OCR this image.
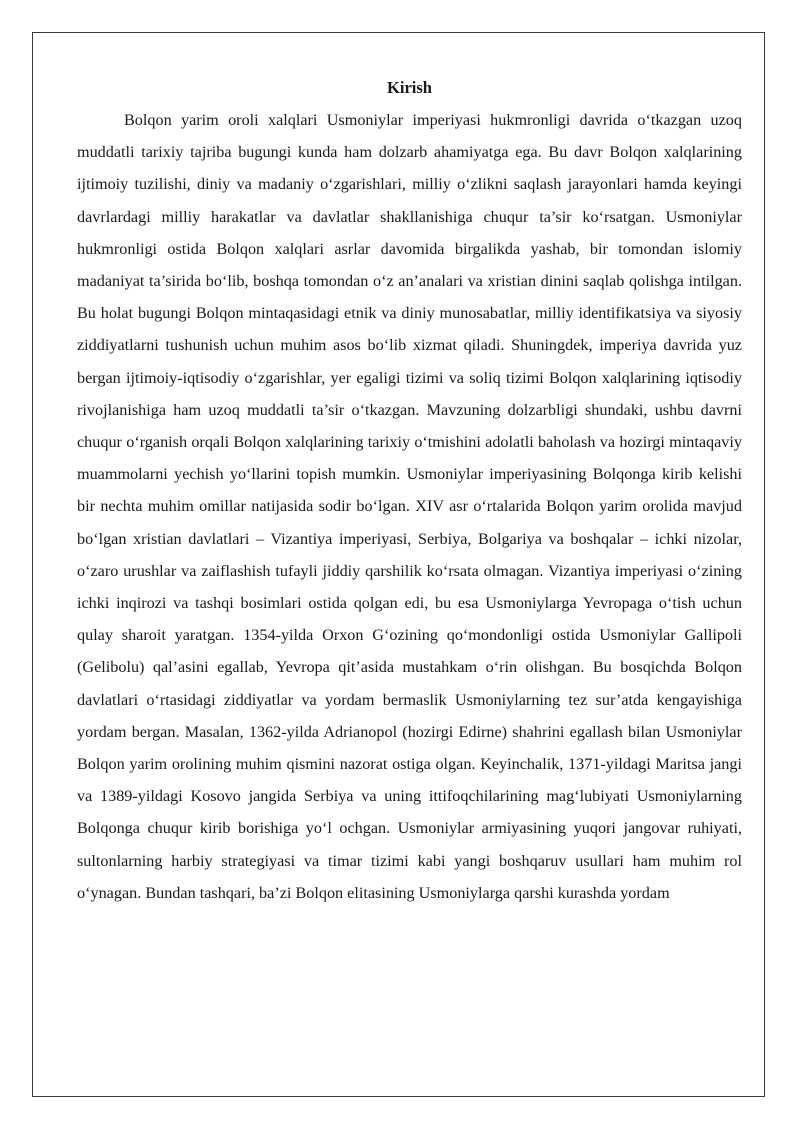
Kirish

Bolqon yarim oroli xalqlari Usmoniylar imperiyasi hukmronligi davrida o‘tkazgan uzoq muddatli tarixiy tajriba bugungi kunda ham dolzarb ahamiyatga ega. Bu davr Bolqon xalqlarining ijtimoiy tuzilishi, diniy va madaniy o‘zgarishlari, milliy o‘zlikni saqlash jarayonlari hamda keyingi davrlardagi milliy harakatlar va davlatlar shakllanishiga chuqur ta’sir ko‘rsatgan. Usmoniylar hukmronligi ostida Bolqon xalqlari asrlar davomida birgalikda yashab, bir tomondan islomiy madaniyat ta’sirida bo‘lib, boshqa tomondan o‘z an’analari va xristian dinini saqlab qolishga intilgan. Bu holat bugungi Bolqon mintaqasidagi etnik va diniy munosabatlar, milliy identifikatsiya va siyosiy ziddiyatlarni tushunish uchun muhim asos bo‘lib xizmat qiladi. Shuningdek, imperiya davrida yuz bergan ijtimoiy-iqtisodiy o‘zgarishlar, yer egaligi tizimi va soliq tizimi Bolqon xalqlarining iqtisodiy rivojlanishiga ham uzoq muddatli ta’sir o‘tkazgan. Mavzuning dolzarbligi shundaki, ushbu davrni chuqur o‘rganish orqali Bolqon xalqlarining tarixiy o‘tmishini adolatli baholash va hozirgi mintaqaviy muammolarni yechish yo‘llarini topish mumkin. Usmoniylar imperiyasining Bolqonga kirib kelishi bir nechta muhim omillar natijasida sodir bo‘lgan. XIV asr o‘rtalarida Bolqon yarim orolida mavjud bo‘lgan xristian davlatlari – Vizantiya imperiyasi, Serbiya, Bolgariya va boshqalar – ichki nizolar, o‘zaro urushlar va zaiflashish tufayli jiddiy qarshilik ko‘rsata olmagan. Vizantiya imperiyasi o‘zining ichki inqirozi va tashqi bosimlari ostida qolgan edi, bu esa Usmoniylarga Yevropaga o‘tish uchun qulay sharoit yaratgan. 1354-yilda Orxon G‘ozining qo‘mondonligi ostida Usmoniylar Gallipoli (Gelibolu) qal’asini egallab, Yevropa qit’asida mustahkam o‘rin olishgan. Bu bosqichda Bolqon davlatlari o‘rtasidagi ziddiyatlar va yordam bermaslik Usmoniylarning tez sur’atda kengayishiga yordam bergan. Masalan, 1362-yilda Adrianopol (hozirgi Edirne) shahrini egallash bilan Usmoniylar Bolqon yarim orolining muhim qismini nazorat ostiga olgan. Keyinchalik, 1371-yildagi Maritsa jangi va 1389-yildagi Kosovo jangida Serbiya va uning ittifoqchilarining mag‘lubiyati Usmoniylarning Bolqonga chuqur kirib borishiga yo‘l ochgan. Usmoniylar armiyasining yuqori jangovar ruhiyati, sultonlarning harbiy strategiyasi va timar tizimi kabi yangi boshqaruv usullari ham muhim rol o‘ynagan. Bundan tashqari, ba’zi Bolqon elitasining Usmoniylarga qarshi kurashda yordam
